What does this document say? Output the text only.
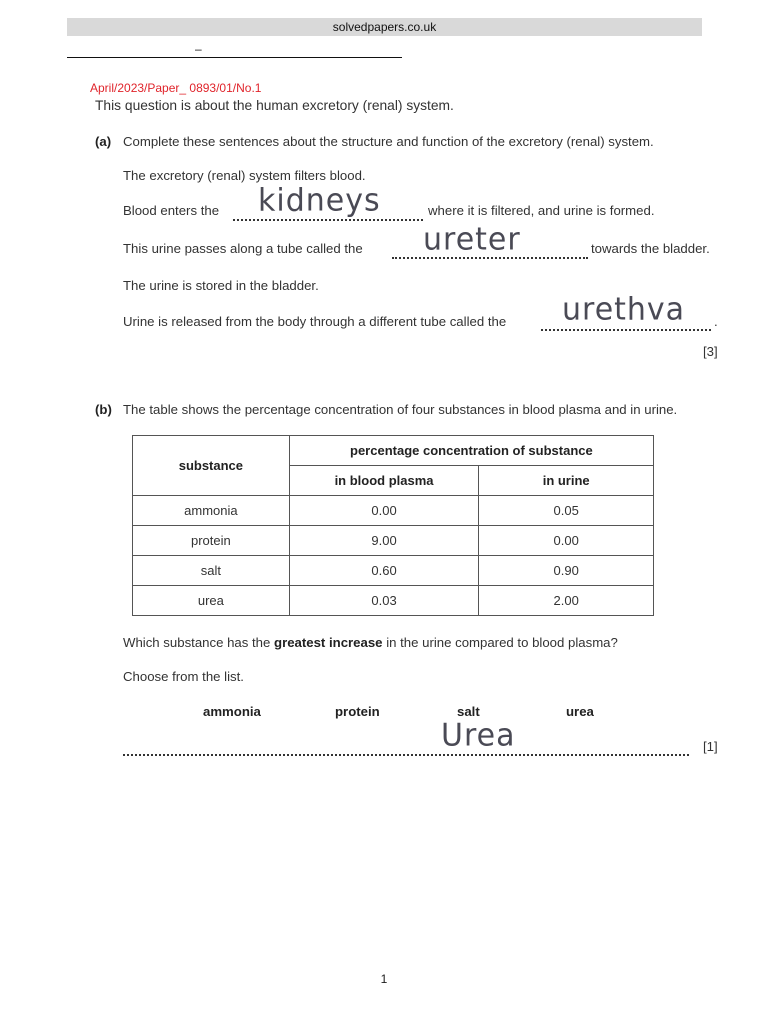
solvedpapers.co.uk
–
April/2023/Paper_ 0893/01/No.1
This question is about the human excretory (renal) system.
(a) Complete these sentences about the structure and function of the excretory (renal) system.
The excretory (renal) system filters blood.
Blood enters the kidneys	where it is filtered, and urine is formed.
This urine passes along a tube called the ureter	towards the bladder.
The urine is stored in the bladder.
Urine is released from the body through a different tube called the urethva .
[3]
(b) The table shows the percentage concentration of four substances in blood plasma and in urine.
substance	percentage concentration of substance	
	in blood plasma	in urine
ammonia	0.00	0.05
protein	9.00	0.00
salt	0.60	0.90
urea	0.03	2.00
Which substance has the greatest increase in the urine compared to blood plasma?
Choose from the list.
ammonia	protein	salt	urea
Urea	[1]
1
